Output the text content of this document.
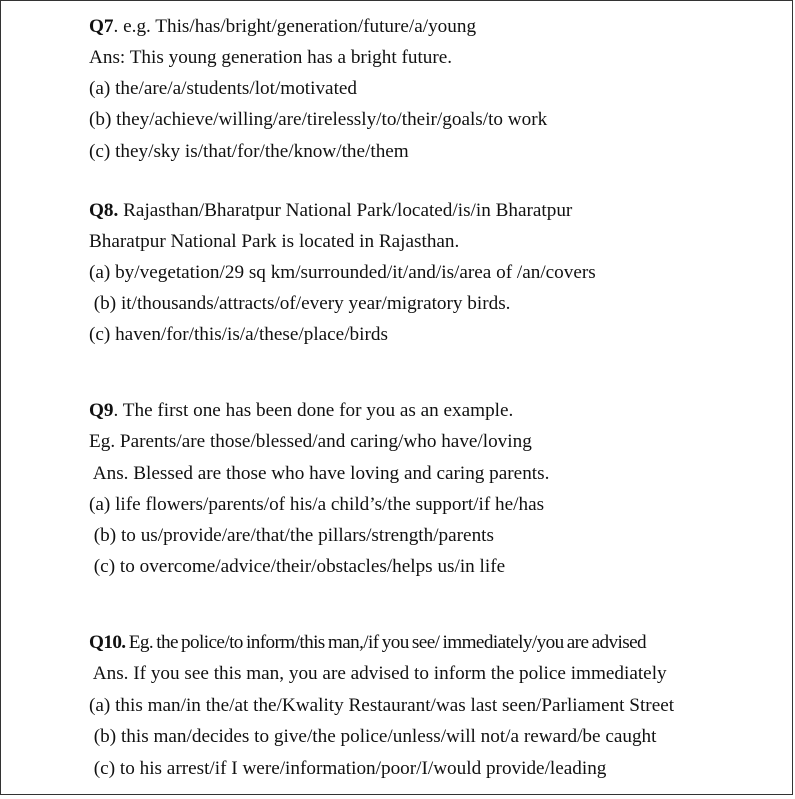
Q7. e.g. This/has/bright/generation/future/a/young
Ans: This young generation has a bright future.
(a) the/are/a/students/lot/motivated
(b) they/achieve/willing/are/tirelessly/to/their/goals/to work
(c) they/sky is/that/for/the/know/the/them
Q8. Rajasthan/Bharatpur National Park/located/is/in Bharatpur
Bharatpur National Park is located in Rajasthan.
(a) by/vegetation/29 sq km/surrounded/it/and/is/area of /an/covers
(b) it/thousands/attracts/of/every year/migratory birds.
(c) haven/for/this/is/a/these/place/birds
Q9. The first one has been done for you as an example.
Eg. Parents/are those/blessed/and caring/who have/loving
Ans. Blessed are those who have loving and caring parents.
(a) life flowers/parents/of his/a child’s/the support/if he/has
(b) to us/provide/are/that/the pillars/strength/parents
(c) to overcome/advice/their/obstacles/helps us/in life
Q10. Eg. the police/to inform/this man,/if you see/ immediately/you are advised
Ans. If you see this man, you are advised to inform the police immediately
(a) this man/in the/at the/Kwality Restaurant/was last seen/Parliament Street
(b) this man/decides to give/the police/unless/will not/a reward/be caught
(c) to his arrest/if I were/information/poor/I/would provide/leading
